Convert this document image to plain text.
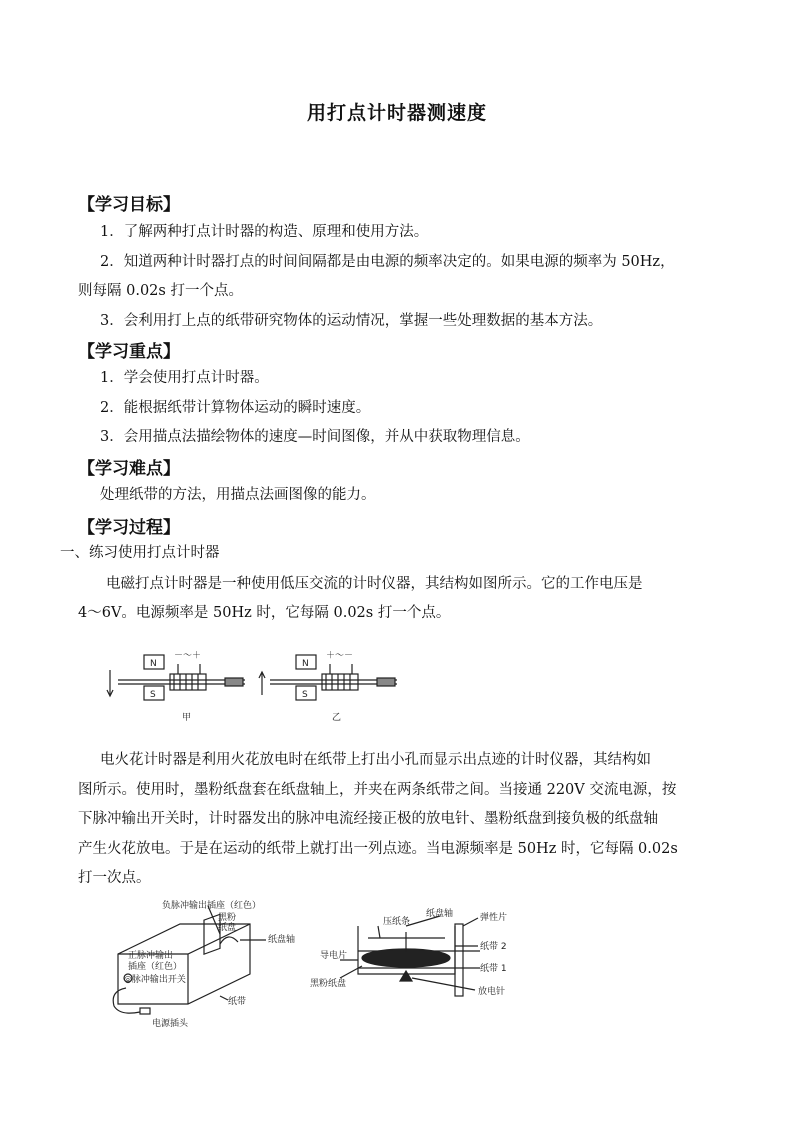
用打点计时器测速度
【学习目标】
1．了解两种打点计时器的构造、原理和使用方法。
2．知道两种计时器打点的时间间隔都是由电源的频率决定的。如果电源的频率为 50Hz，
则每隔 0.02s 打一个点。
3．会利用打上点的纸带研究物体的运动情况，掌握一些处理数据的基本方法。
【学习重点】
1．学会使用打点计时器。
2．能根据纸带计算物体运动的瞬时速度。
3．会用描点法描绘物体的速度—时间图像，并从中获取物理信息。
【学习难点】
处理纸带的方法，用描点法画图像的能力。
【学习过程】
一、练习使用打点计时器
电磁打点计时器是一种使用低压交流的计时仪器，其结构如图所示。它的工作电压是
4～6V。电源频率是 50Hz 时，它每隔 0.02s 打一个点。
N
S
－～＋
N
S
＋～－
甲	乙
电火花计时器是利用火花放电时在纸带上打出小孔而显示出点迹的计时仪器，其结构如
图所示。使用时，墨粉纸盘套在纸盘轴上，并夹在两条纸带之间。当接通 220V 交流电源，按
下脉冲输出开关时，计时器发出的脉冲电流经接正极的放电针、墨粉纸盘到接负极的纸盘轴
产生火花放电。于是在运动的纸带上就打出一列点迹。当电源频率是 50Hz 时，它每隔 0.02s
打一次点。
负脉冲输出插座（红色）
黑粉
纸盘
纸盘轴
正脉冲输出
插座（红色）
◎脉冲输出开关
纸带
电源插头
压纸条
纸盘轴	弹性片
导电片
纸带 2
纸带 1
黑粉纸盘
放电针
